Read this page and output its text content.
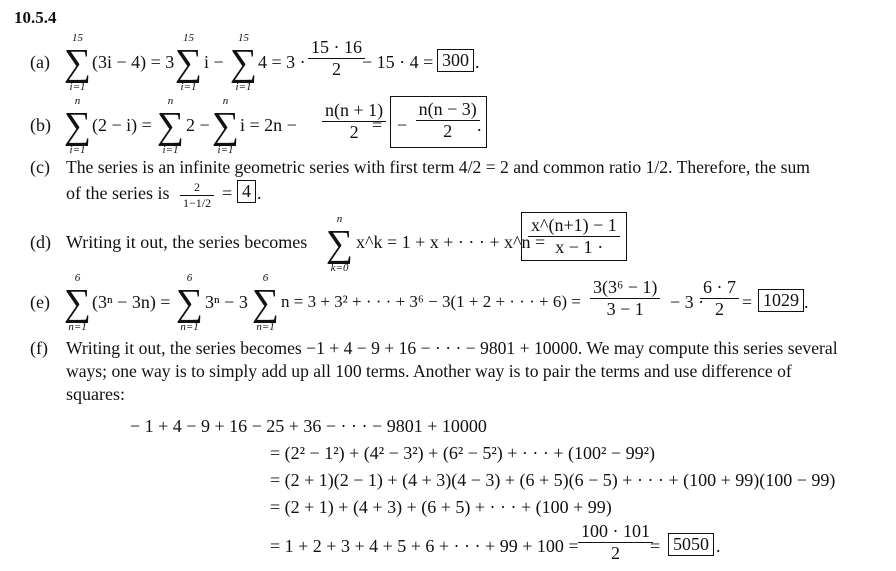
10.5.4
(a)
15
∑
i=1
(3i − 4) = 3
15
∑
i=1
i −
15
∑
i=1
$4 = 3 \cdot \frac{15 \cdot 16}{2}$
− 15 · 4 = 300 .
(b)
n
∑
i=1
(2 − i) =
n
∑
i=1
2 −
n
∑
i=1
$i = 2n - \frac{n(n + 1)}{2}$
= − $\frac{n(n - 3)}{2}$
.
(c) The series is an infinite geometric series with first term 4/2 = 2 and common ratio 1/2. Therefore, the sum
of the series is $\frac{2}{1-1/2} = 4$ .
(d) Writing it out, the series becomes
n
∑
k=0
x^k = 1 + x + · · · + x^n =
$\frac{x\^{}(n+1) - 1}{x - 1}$
.
(e)
6
∑
n=1
(3ⁿ − 3n) =
6
∑
n=1
3ⁿ − 3
6
∑
n=1
n = 3 + 3² + · · · + 3⁶ − 3(1 + 2 + · · · + $6) = \frac{\text{3(3⁶ − 1)}}{3 - 1} - 3$ ·
$\frac{6 \cdot 7}{2} = 1029$ .
(f) Writing it out, the series becomes −1 + 4 − 9 + 16 − · · · − 9801 + 10000. We may compute this series several
ways; one way is to simply add up all 100 terms. Another way is to pair the terms and use difference of
squares:
− 1 + 4 − 9 + 16 − 25 + 36 − · · · − 9801 + 10000
= (2² − 1²) + (4² − 3²) + (6² − 5²) + · · · + (100² − 99²)
= (2 + 1)(2 − 1) + (4 + 3)(4 − 3) + (6 + 5)(6 − 5) + · · · + (100 + 99)(100 − 99)
= (2 + 1) + (4 + 3) + (6 + 5) + · · · + (100 + 99)
= 1 + 2 + 3 + 4 + 5 + 6 + · · · + $99 + 100 = \frac{100 \cdot 101}{2}$
= 5050 .
